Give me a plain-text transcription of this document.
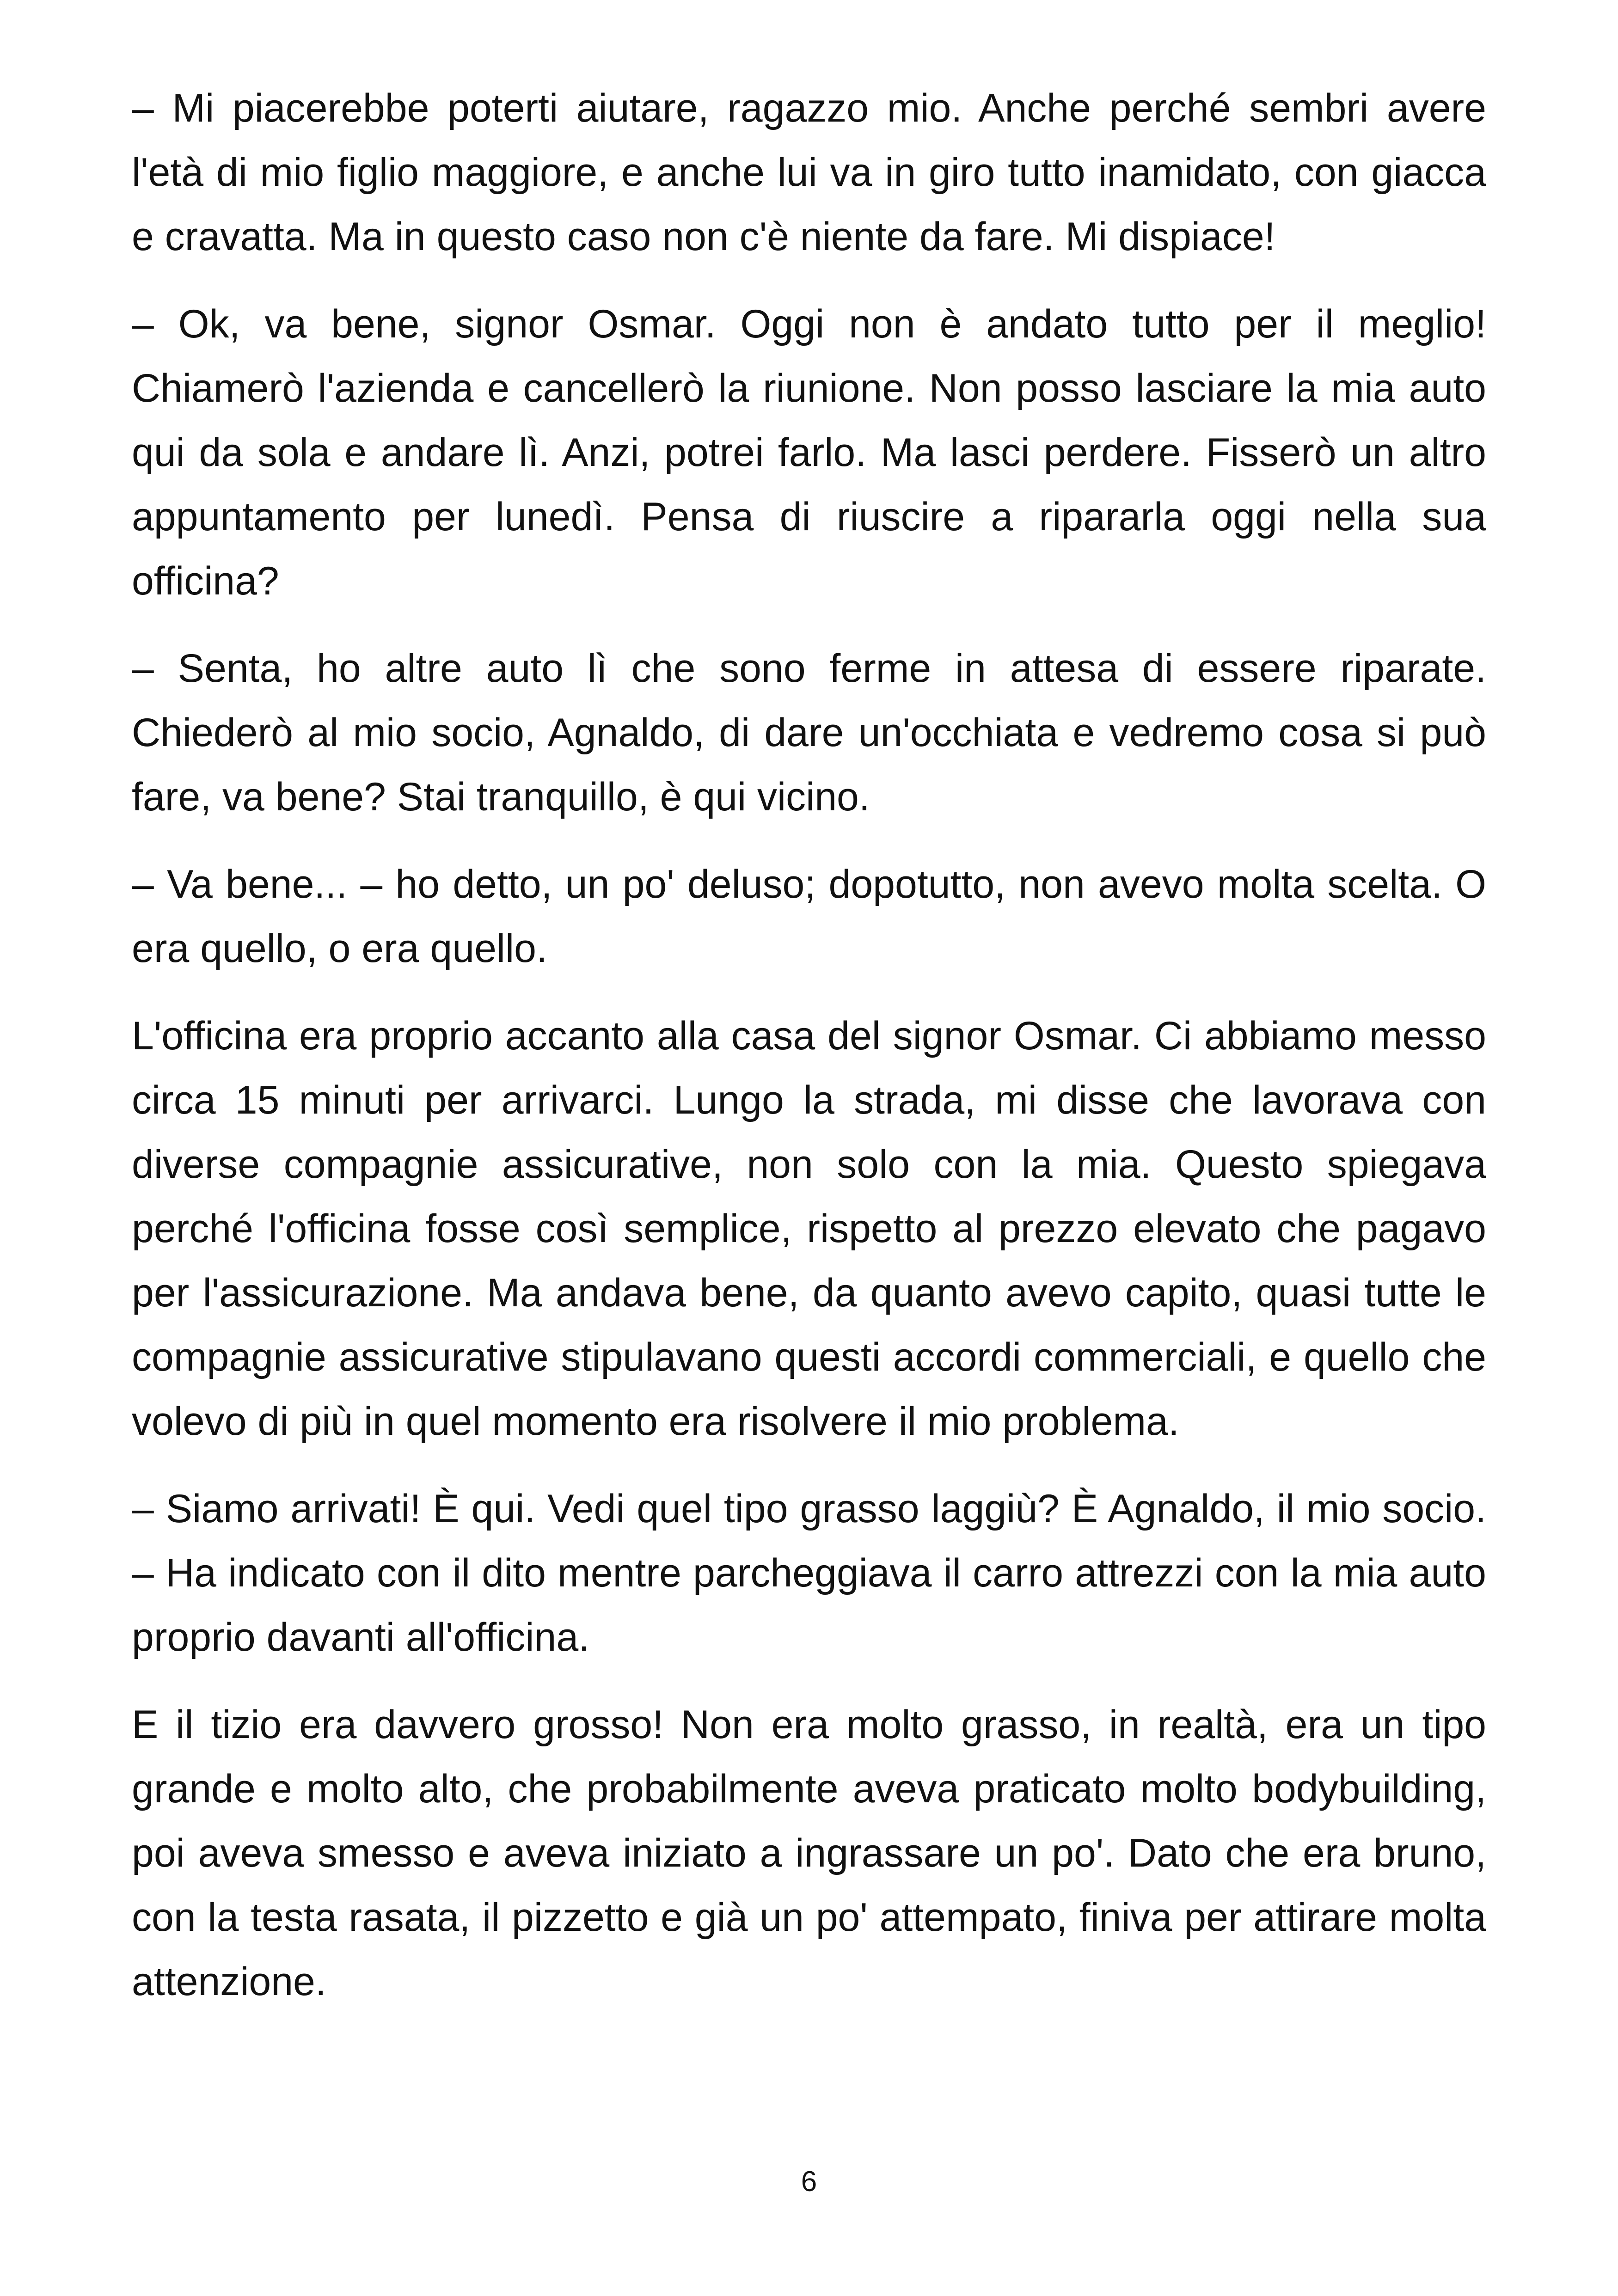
– Mi piacerebbe poterti aiutare, ragazzo mio. Anche perché sembri avere l'età di mio figlio maggiore, e anche lui va in giro tutto inamidato, con giacca e cravatta. Ma in questo caso non c'è niente da fare. Mi dispiace!

– Ok, va bene, signor Osmar. Oggi non è andato tutto per il meglio! Chiamerò l'azienda e cancellerò la riunione. Non posso lasciare la mia auto qui da sola e andare lì. Anzi, potrei farlo. Ma lasci perdere. Fisserò un altro appuntamento per lunedì. Pensa di riuscire a ripararla oggi nella sua officina?

– Senta, ho altre auto lì che sono ferme in attesa di essere riparate. Chiederò al mio socio, Agnaldo, di dare un'occhiata e vedremo cosa si può fare, va bene? Stai tranquillo, è qui vicino.

– Va bene... – ho detto, un po' deluso; dopotutto, non avevo molta scelta. O era quello, o era quello.

L'officina era proprio accanto alla casa del signor Osmar. Ci abbiamo messo circa 15 minuti per arrivarci. Lungo la strada, mi disse che lavorava con diverse compagnie assicurative, non solo con la mia. Questo spiegava perché l'officina fosse così semplice, rispetto al prezzo elevato che pagavo per l'assicurazione. Ma andava bene, da quanto avevo capito, quasi tutte le compagnie assicurative stipulavano questi accordi commerciali, e quello che volevo di più in quel momento era risolvere il mio problema.

– Siamo arrivati! È qui. Vedi quel tipo grasso laggiù? È Agnaldo, il mio socio. – Ha indicato con il dito mentre parcheggiava il carro attrezzi con la mia auto proprio davanti all'officina.

E il tizio era davvero grosso! Non era molto grasso, in realtà, era un tipo grande e molto alto, che probabilmente aveva praticato molto bodybuilding, poi aveva smesso e aveva iniziato a ingrassare un po'. Dato che era bruno, con la testa rasata, il pizzetto e già un po' attempato, finiva per attirare molta attenzione.

6
